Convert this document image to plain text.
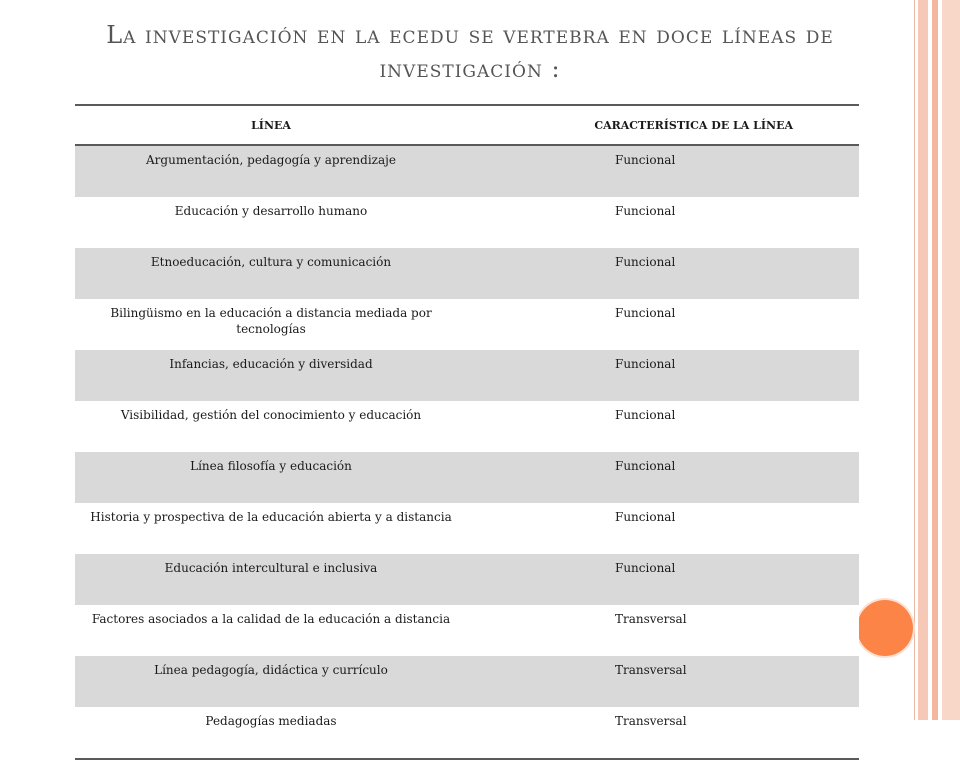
La investigación en la ecedu se vertebra en doce líneas de investigación :
LÍNEA	CARACTERÍSTICA DE LA LÍNEA
Argumentación, pedagogía y aprendizaje	Funcional
Educación y desarrollo humano	Funcional
Etnoeducación, cultura y comunicación	Funcional
Bilingüismo en la educación a distancia mediada por tecnologías	Funcional
Infancias, educación y diversidad	Funcional
Visibilidad, gestión del conocimiento y educación	Funcional
Línea filosofía y educación	Funcional
Historia y prospectiva de la educación abierta y a distancia	Funcional
Educación intercultural e inclusiva	Funcional
Factores asociados a la calidad de la educación a distancia	Transversal
Línea pedagogía, didáctica y currículo	Transversal
Pedagogías mediadas	Transversal
